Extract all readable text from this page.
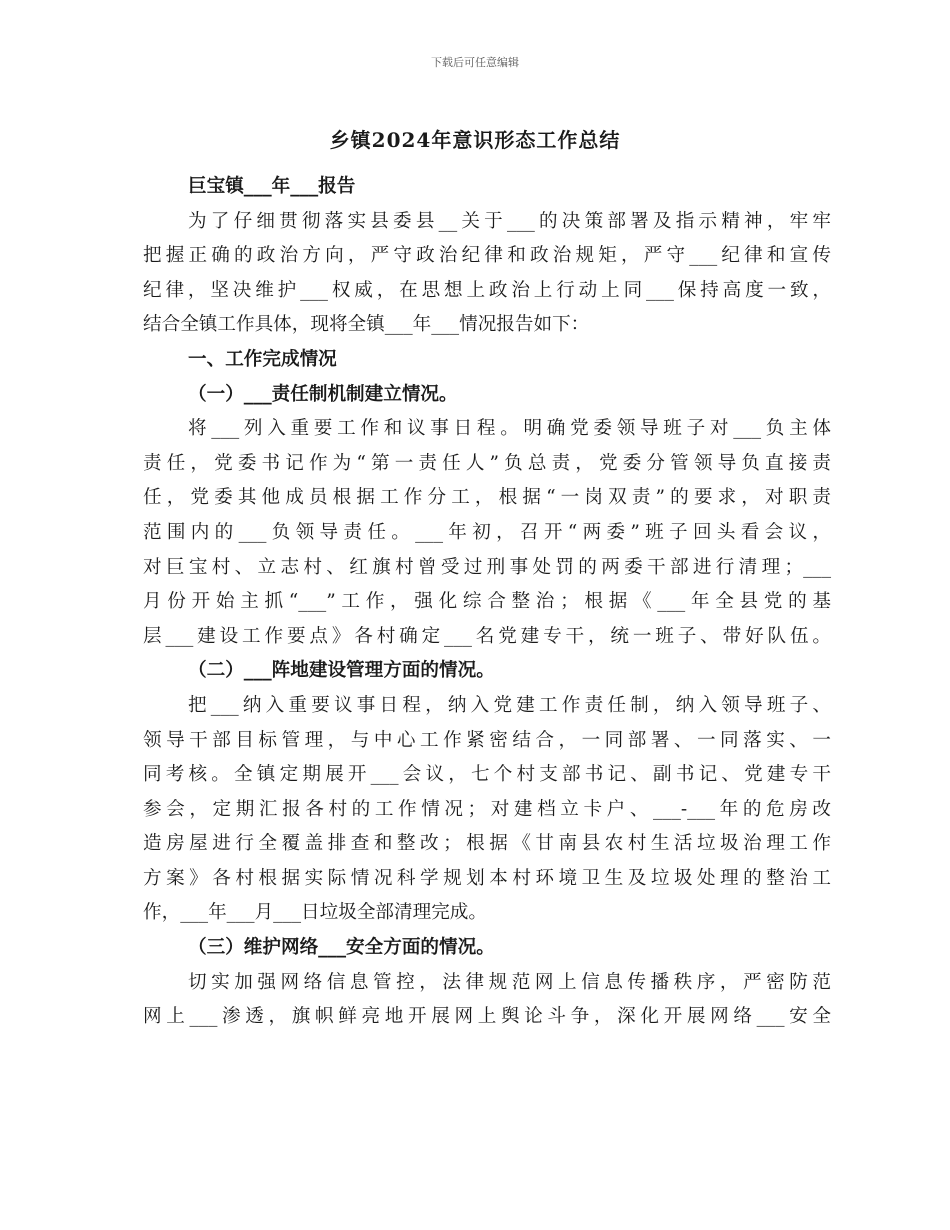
下载后可任意编辑
乡镇2024年意识形态工作总结
巨宝镇___年___报告
为了仔细贯彻落实县委县__关于___的决策部署及指示精神，牢牢
把握正确的政治方向，严守政治纪律和政治规矩，严守___纪律和宣传
纪律，坚决维护___权威，在思想上政治上行动上同___保持高度一致，
结合全镇工作具体，现将全镇___年___情况报告如下：
一、工作完成情况
（一）___责任制机制建立情况。
将___列入重要工作和议事日程。明确党委领导班子对___负主体
责任，党委书记作为“第一责任人”负总责，党委分管领导负直接责
任，党委其他成员根据工作分工，根据“一岗双责”的要求，对职责
范围内的___负领导责任。___年初，召开“两委”班子回头看会议，
对巨宝村、立志村、红旗村曾受过刑事处罚的两委干部进行清理；___
月份开始主抓“___”工作，强化综合整治；根据《___年全县党的基
层___建设工作要点》各村确定___名党建专干，统一班子、带好队伍。
（二）___阵地建设管理方面的情况。
把___纳入重要议事日程，纳入党建工作责任制，纳入领导班子、
领导干部目标管理，与中心工作紧密结合，一同部署、一同落实、一
同考核。全镇定期展开___会议，七个村支部书记、副书记、党建专干
参会，定期汇报各村的工作情况；对建档立卡户、___-___年的危房改
造房屋进行全覆盖排查和整改；根据《甘南县农村生活垃圾治理工作
方案》各村根据实际情况科学规划本村环境卫生及垃圾处理的整治工
作，___年___月___日垃圾全部清理完成。
（三）维护网络___安全方面的情况。
切实加强网络信息管控，法律规范网上信息传播秩序，严密防范
网上___渗透，旗帜鲜亮地开展网上舆论斗争，深化开展网络___安全
